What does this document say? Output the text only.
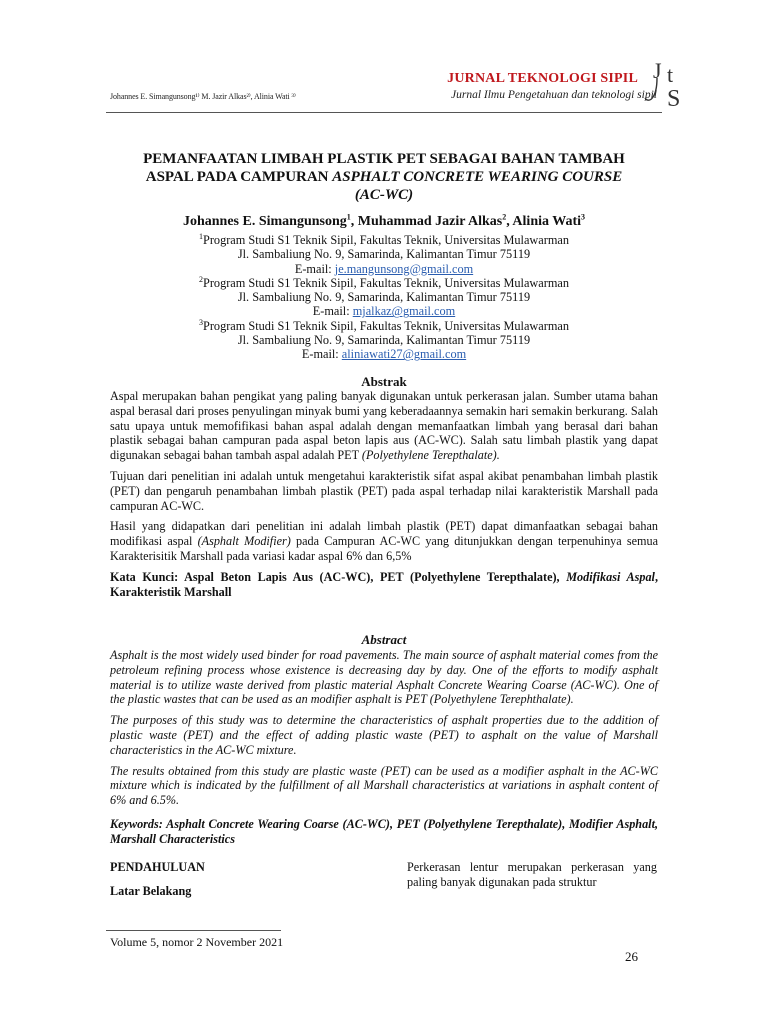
Johannes E. Simangunsong¹⁾ M. Jazir Alkas²⁾, Alinia Wati ³⁾
JURNAL TEKNOLOGI SIPIL
Jurnal Ilmu Pengetahuan dan teknologi sipil
J t
S
PEMANFAATAN LIMBAH PLASTIK PET SEBAGAI BAHAN TAMBAH
ASPAL PADA CAMPURAN ASPHALT CONCRETE WEARING COURSE
(AC-WC)
Johannes E. Simangunsong$^1$, Muhammad Jazir Alkas$^2$, Alinia Wati$^3$
$^1$Program Studi S1 Teknik Sipil, Fakultas Teknik, Universitas Mulawarman
Jl. Sambaliung No. 9, Samarinda, Kalimantan Timur 75119
E-mail: je.mangunsong@gmail.com
$^2$Program Studi S1 Teknik Sipil, Fakultas Teknik, Universitas Mulawarman
Jl. Sambaliung No. 9, Samarinda, Kalimantan Timur 75119
E-mail: mjalkaz@gmail.com
$^3$Program Studi S1 Teknik Sipil, Fakultas Teknik, Universitas Mulawarman
Jl. Sambaliung No. 9, Samarinda, Kalimantan Timur 75119
E-mail: aliniawati27@gmail.com
Abstrak

Aspal merupakan bahan pengikat yang paling banyak digunakan untuk perkerasan jalan. Sumber utama bahan aspal berasal dari proses penyulingan minyak bumi yang keberadaannya semakin hari semakin berkurang. Salah satu upaya untuk memofifikasi bahan aspal adalah dengan memanfaatkan limbah yang berasal dari bahan plastik sebagai bahan campuran pada aspal beton lapis aus (AC-WC). Salah satu limbah plastik yang dapat digunakan sebagai bahan tambah aspal adalah PET (Polyethylene Terepthalate).

Tujuan dari penelitian ini adalah untuk mengetahui karakteristik sifat aspal akibat penambahan limbah plastik (PET) dan pengaruh penambahan limbah plastik (PET) pada aspal terhadap nilai karakteristik Marshall pada campuran AC-WC.

Hasil yang didapatkan dari penelitian ini adalah limbah plastik (PET) dapat dimanfaatkan sebagai bahan modifikasi aspal (Asphalt Modifier) pada Campuran AC-WC yang ditunjukkan dengan terpenuhinya semua Karakterisitik Marshall pada variasi kadar aspal 6% dan 6,5%

Kata Kunci: Aspal Beton Lapis Aus (AC-WC), PET (Polyethylene Terepthalate), Modifikasi Aspal, Karakteristik Marshall

Abstract

Asphalt is the most widely used binder for road pavements. The main source of asphalt material comes from the petroleum refining process whose existence is decreasing day by day. One of the efforts to modify asphalt material is to utilize waste derived from plastic material Asphalt Concrete Wearing Coarse (AC-WC). One of the plastic wastes that can be used as an modifier asphalt is PET (Polyethylene Terephthalate).

The purposes of this study was to determine the characteristics of asphalt properties due to the addition of plastic waste (PET) and the effect of adding plastic waste (PET) to asphalt on the value of Marshall characteristics in the AC-WC mixture.

The results obtained from this study are plastic waste (PET) can be used as a modifier asphalt in the AC-WC mixture which is indicated by the fulfillment of all Marshall characteristics at variations in asphalt content of 6% and 6.5%.

Keywords: Asphalt Concrete Wearing Coarse (AC-WC), PET (Polyethylene Terepthalate), Modifier Asphalt, Marshall Characteristics

PENDAHULUAN
Latar Belakang
Perkerasan lentur merupakan perkerasan yang paling banyak digunakan pada struktur
Volume 5, nomor 2 November 2021
26
